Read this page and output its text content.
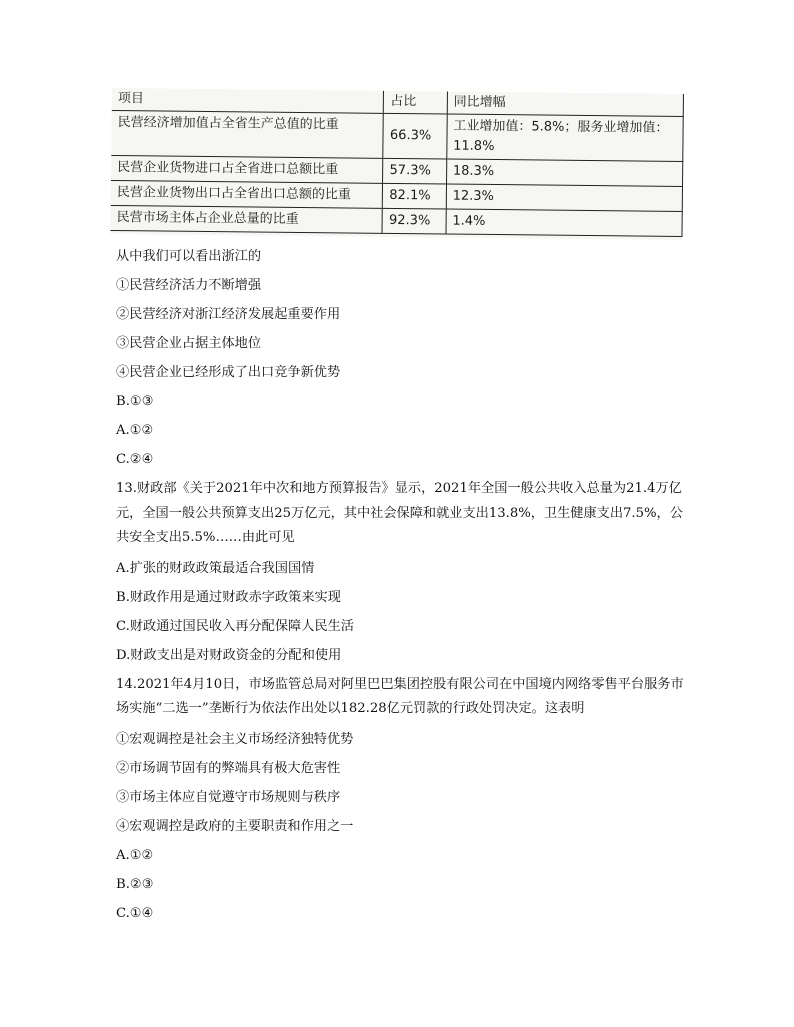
项目	占比	同比增幅
民营经济增加值占全省生产总值的比重	66.3%	工业增加值：5.8%；服务业增加值：11.8%
民营企业货物进口占全省进口总额比重	57.3%	18.3%
民营企业货物出口占全省出口总额的比重	82.1%	12.3%
民营市场主体占企业总量的比重	92.3%	1.4%

从中我们可以看出浙江的

①民营经济活力不断增强

②民营经济对浙江经济发展起重要作用

③民营企业占据主体地位

④民营企业已经形成了出口竞争新优势

B.①③

A.①②

C.②④

13.财政部《关于2021年中次和地方预算报告》显示，2021年全国一般公共收入总量为21.4万亿元，全国一般公共预算支出25万亿元，其中社会保障和就业支出13.8%，卫生健康支出7.5%，公共安全支出5.5%……由此可见

A.扩张的财政政策最适合我国国情

B.财政作用是通过财政赤字政策来实现

C.财政通过国民收入再分配保障人民生活

D.财政支出是对财政资金的分配和使用

14.2021年4月10日，市场监管总局对阿里巴巴集团控股有限公司在中国境内网络零售平台服务市场实施“二选一”垄断行为依法作出处以182.28亿元罚款的行政处罚决定。这表明

①宏观调控是社会主义市场经济独特优势

②市场调节固有的弊端具有极大危害性

③市场主体应自觉遵守市场规则与秩序

④宏观调控是政府的主要职责和作用之一

A.①②

B.②③

C.①④
